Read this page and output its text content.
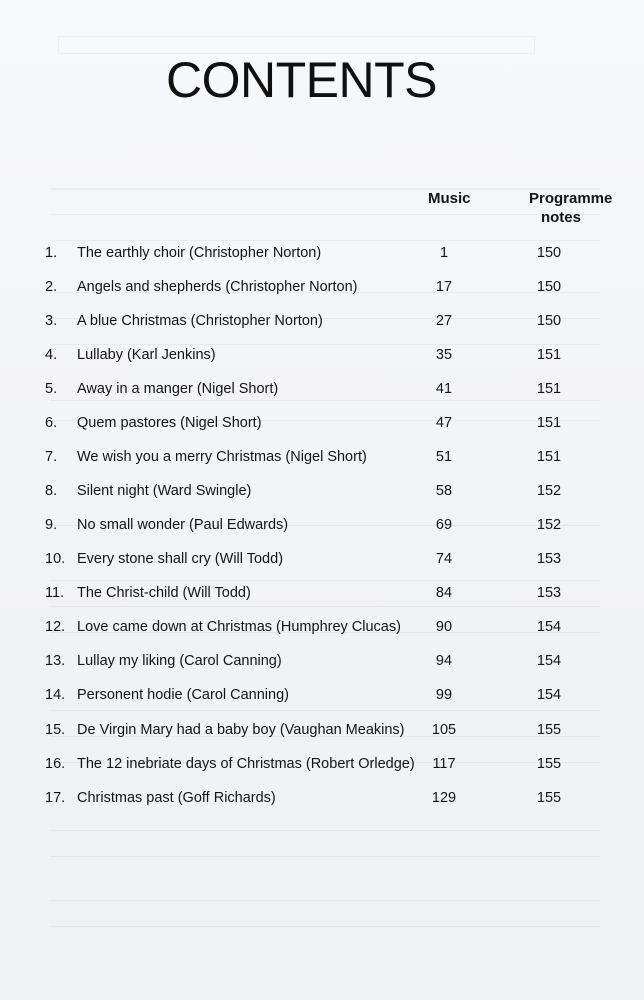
CONTENTS
Music	Programme
notes
1.	The earthly choir (Christopher Norton)	1	150
2.	Angels and shepherds (Christopher Norton)	17	150
3.	A blue Christmas (Christopher Norton)	27	150
4.	Lullaby (Karl Jenkins)	35	151
5.	Away in a manger (Nigel Short)	41	151
6.	Quem pastores (Nigel Short)	47	151
7.	We wish you a merry Christmas (Nigel Short)	51	151
8.	Silent night (Ward Swingle)	58	152
9.	No small wonder (Paul Edwards)	69	152
10. Every stone shall cry (Will Todd)	74	153
11. The Christ-child (Will Todd)	84	153
12. Love came down at Christmas (Humphrey Clucas)	90	154
13. Lullay my liking (Carol Canning)	94	154
14. Personent hodie (Carol Canning)	99	154
15. De Virgin Mary had a baby boy (Vaughan Meakins)	105	155
16. The 12 inebriate days of Christmas (Robert Orledge)	117	155
17. Christmas past (Goff Richards)	129	155
